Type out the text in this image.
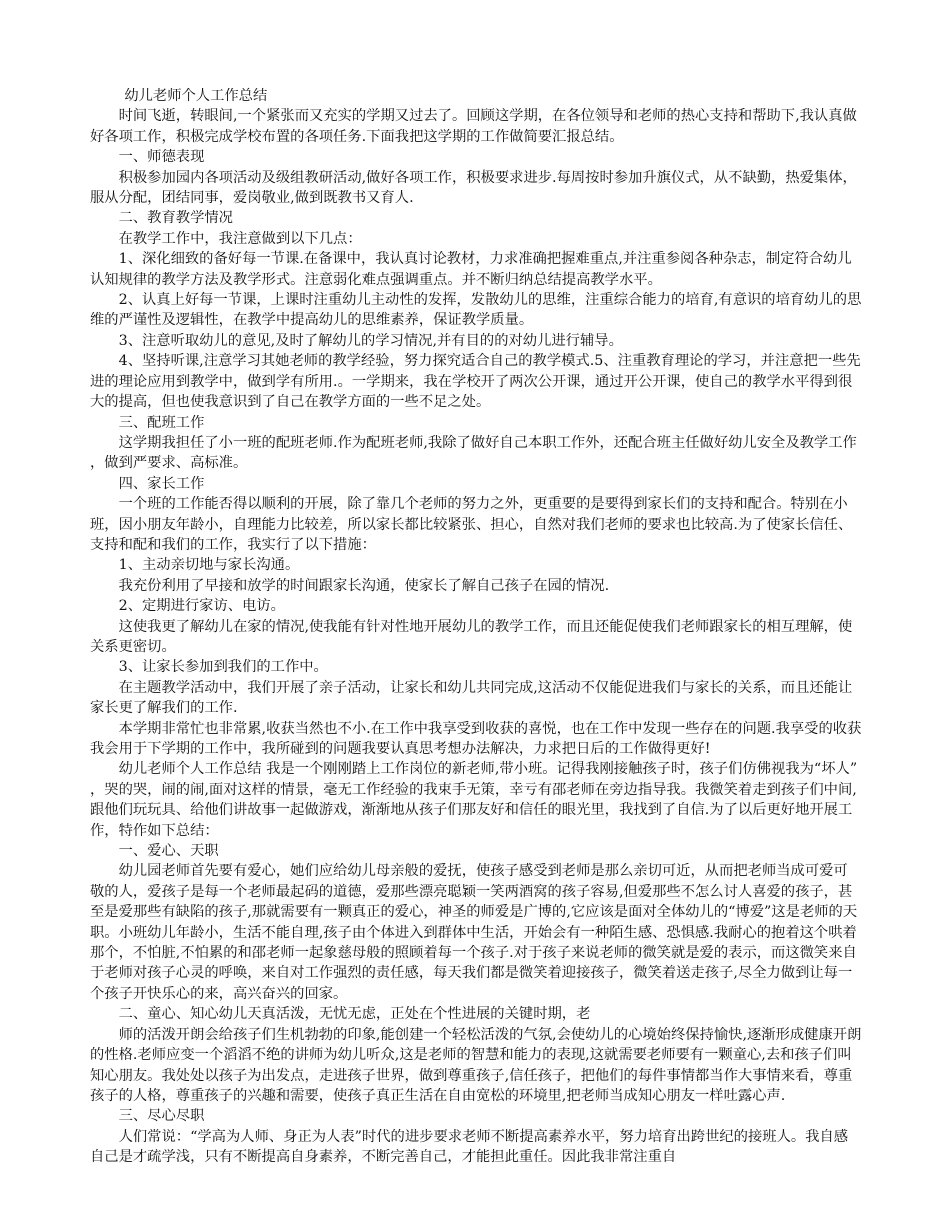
幼儿老师个人工作总结

时间飞逝，转眼间,一个紧张而又充实的学期又过去了。回顾这学期，在各位领导和老师的热心支持和帮助下,我认真做好各项工作，积极完成学校布置的各项任务.下面我把这学期的工作做简要汇报总结。

一、师德表现

积极参加园内各项活动及级组教研活动,做好各项工作，积极要求进步.每周按时参加升旗仪式，从不缺勤，热爱集体，服从分配，团结同事，爱岗敬业,做到既教书又育人.

二、教育教学情况

在教学工作中，我注意做到以下几点：

1、深化细致的备好每一节课.在备课中，我认真讨论教材，力求准确把握难重点,并注重参阅各种杂志，制定符合幼儿认知规律的教学方法及教学形式。注意弱化难点强调重点。并不断归纳总结提高教学水平。

2、认真上好每一节课，上课时注重幼儿主动性的发挥，发散幼儿的思维，注重综合能力的培育,有意识的培育幼儿的思维的严谨性及逻辑性，在教学中提高幼儿的思维素养，保证教学质量。

3、注意听取幼儿的意见,及时了解幼儿的学习情况,并有目的的对幼儿进行辅导。

4、坚持听课,注意学习其她老师的教学经验，努力探究适合自己的教学模式.5、注重教育理论的学习，并注意把一些先进的理论应用到教学中，做到学有所用.。一学期来，我在学校开了两次公开课，通过开公开课，使自己的教学水平得到很大的提高，但也使我意识到了自己在教学方面的一些不足之处。

三、配班工作

这学期我担任了小一班的配班老师.作为配班老师,我除了做好自己本职工作外，还配合班主任做好幼儿安全及教学工作，做到严要求、高标准。

四、家长工作

一个班的工作能否得以顺利的开展，除了靠几个老师的努力之外，更重要的是要得到家长们的支持和配合。特别在小班，因小朋友年龄小，自理能力比较差，所以家长都比较紧张、担心，自然对我们老师的要求也比较高.为了使家长信任、支持和配和我们的工作，我实行了以下措施：

1、主动亲切地与家长沟通。

我充份利用了早接和放学的时间跟家长沟通，使家长了解自己孩子在园的情况.

2、定期进行家访、电访。

这使我更了解幼儿在家的情况,使我能有针对性地开展幼儿的教学工作，而且还能促使我们老师跟家长的相互理解，使关系更密切。

3、让家长参加到我们的工作中。

在主题教学活动中，我们开展了亲子活动，让家长和幼儿共同完成,这活动不仅能促进我们与家长的关系，而且还能让家长更了解我们的工作.

本学期非常忙也非常累,收获当然也不小.在工作中我享受到收获的喜悦，也在工作中发现一些存在的问题.我享受的收获我会用于下学期的工作中，我所碰到的问题我要认真思考想办法解决，力求把日后的工作做得更好!

幼儿老师个人工作总结 我是一个刚刚踏上工作岗位的新老师,带小班。记得我刚接触孩子时，孩子们仿佛视我为“坏人”，哭的哭，闹的闹,面对这样的情景，毫无工作经验的我束手无策，幸亏有邵老师在旁边指导我。我微笑着走到孩子们中间,跟他们玩玩具、给他们讲故事一起做游戏，渐渐地从孩子们那友好和信任的眼光里，我找到了自信.为了以后更好地开展工作，特作如下总结：

一、爱心、天职

幼儿园老师首先要有爱心，她们应给幼儿母亲般的爱抚，使孩子感受到老师是那么亲切可近，从而把老师当成可爱可敬的人，爱孩子是每一个老师最起码的道德，爱那些漂亮聪颖一笑两酒窝的孩子容易,但爱那些不怎么讨人喜爱的孩子，甚至是爱那些有缺陷的孩子,那就需要有一颗真正的爱心，神圣的师爱是广博的,它应该是面对全体幼儿的“博爱”这是老师的天职。小班幼儿年龄小，生活不能自理,孩子由个体进入到群体中生活，开始会有一种陌生感、恐惧感.我耐心的抱着这个哄着那个，不怕脏,不怕累的和邵老师一起象慈母般的照顾着每一个孩子.对于孩子来说老师的微笑就是爱的表示，而这微笑来自于老师对孩子心灵的呼唤，来自对工作强烈的责任感，每天我们都是微笑着迎接孩子，微笑着送走孩子,尽全力做到让每一个孩子开快乐心的来，高兴奋兴的回家。

二、童心、知心幼儿天真活泼，无忧无虑，正处在个性进展的关键时期，老

师的活泼开朗会给孩子们生机勃勃的印象,能创建一个轻松活泼的气氛,会使幼儿的心境始终保持愉快,逐渐形成健康开朗的性格.老师应变一个滔滔不绝的讲师为幼儿听众,这是老师的智慧和能力的表现,这就需要老师要有一颗童心,去和孩子们叫知心朋友。我处处以孩子为出发点，走进孩子世界，做到尊重孩子,信任孩子，把他们的每件事情都当作大事情来看，尊重孩子的人格，尊重孩子的兴趣和需要，使孩子真正生活在自由宽松的环境里,把老师当成知心朋友一样吐露心声.

三、尽心尽职

人们常说：“学高为人师、身正为人表”时代的进步要求老师不断提高素养水平，努力培育出跨世纪的接班人。我自感自己是才疏学浅，只有不断提高自身素养，不断完善自己，才能担此重任。因此我非常注重自
